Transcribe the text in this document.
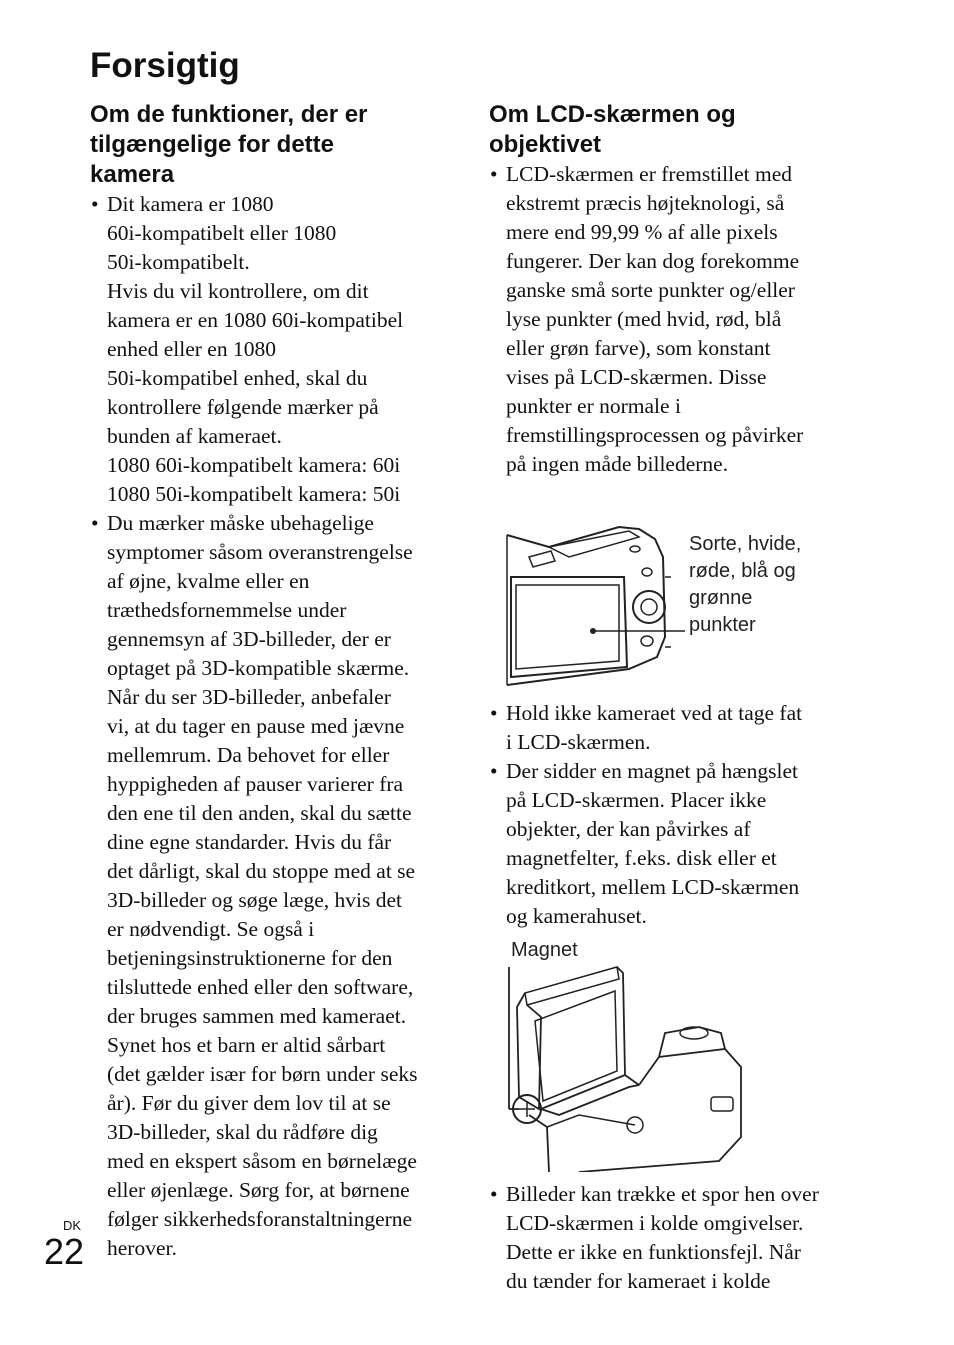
Forsigtig
Om de funktioner, der er
tilgængelige for dette
kamera
• Dit kamera er 1080
60i-kompatibelt eller 1080
50i-kompatibelt.
Hvis du vil kontrollere, om dit
kamera er en 1080 60i-kompatibel
enhed eller en 1080
50i-kompatibel enhed, skal du
kontrollere følgende mærker på
bunden af kameraet.
1080 60i-kompatibelt kamera: 60i
1080 50i-kompatibelt kamera: 50i
• Du mærker måske ubehagelige
symptomer såsom overanstrengelse
af øjne, kvalme eller en
træthedsfornemmelse under
gennemsyn af 3D-billeder, der er
optaget på 3D-kompatible skærme.
Når du ser 3D-billeder, anbefaler
vi, at du tager en pause med jævne
mellemrum. Da behovet for eller
hyppigheden af pauser varierer fra
den ene til den anden, skal du sætte
dine egne standarder. Hvis du får
det dårligt, skal du stoppe med at se
3D-billeder og søge læge, hvis det
er nødvendigt. Se også i
betjeningsinstruktionerne for den
tilsluttede enhed eller den software,
der bruges sammen med kameraet.
Synet hos et barn er altid sårbart
(det gælder især for børn under seks
år). Før du giver dem lov til at se
3D-billeder, skal du rådføre dig
med en ekspert såsom en børnelæge
eller øjenlæge. Sørg for, at børnene
følger sikkerhedsforanstaltningerne
herover.
Om LCD-skærmen og
objektivet
• LCD-skærmen er fremstillet med
ekstremt præcis højteknologi, så
mere end 99,99 % af alle pixels
fungerer. Der kan dog forekomme
ganske små sorte punkter og/eller
lyse punkter (med hvid, rød, blå
eller grøn farve), som konstant
vises på LCD-skærmen. Disse
punkter er normale i
fremstillingsprocessen og påvirker
på ingen måde billederne.
Sorte, hvide,
røde, blå og
grønne
punkter
• Hold ikke kameraet ved at tage fat
i LCD-skærmen.
• Der sidder en magnet på hængslet
på LCD-skærmen. Placer ikke
objekter, der kan påvirkes af
magnetfelter, f.eks. disk eller et
kreditkort, mellem LCD-skærmen
og kamerahuset.
Magnet
• Billeder kan trække et spor hen over
LCD-skærmen i kolde omgivelser.
Dette er ikke en funktionsfejl. Når
du tænder for kameraet i kolde
DK
22
